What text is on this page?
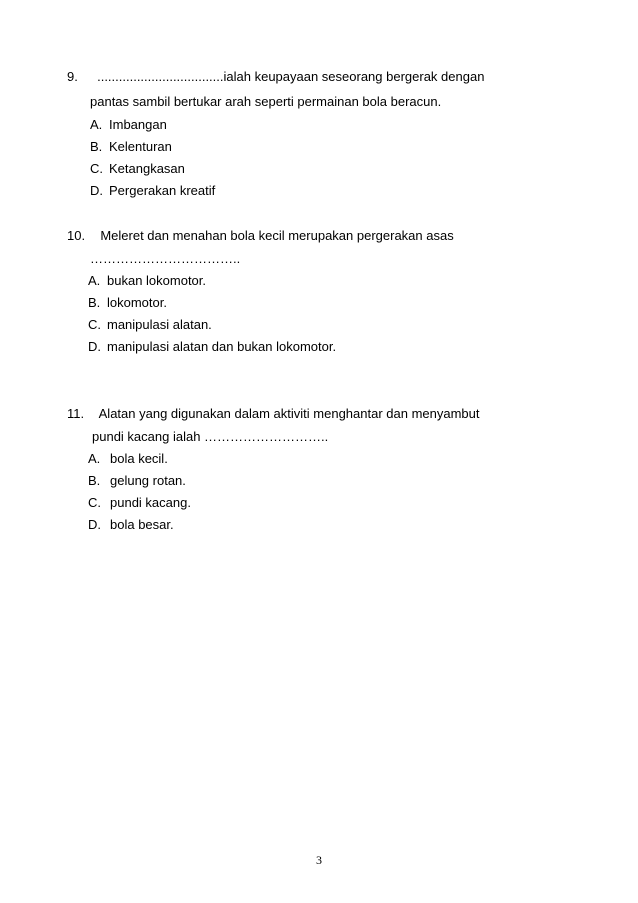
9. ...................................ialah keupayaan seseorang bergerak dengan
pantas sambil bertukar arah seperti permainan bola beracun.
A. Imbangan
B. Kelenturan
C. Ketangkasan
D. Pergerakan kreatif
10. Meleret dan menahan bola kecil merupakan pergerakan asas
……………………………..
A. bukan lokomotor.
B. lokomotor.
C. manipulasi alatan.
D. manipulasi alatan dan bukan lokomotor.
11. Alatan yang digunakan dalam aktiviti menghantar dan menyambut
pundi kacang ialah ………………………..
A. bola kecil.
B. gelung rotan.
C. pundi kacang.
D. bola besar.
3
